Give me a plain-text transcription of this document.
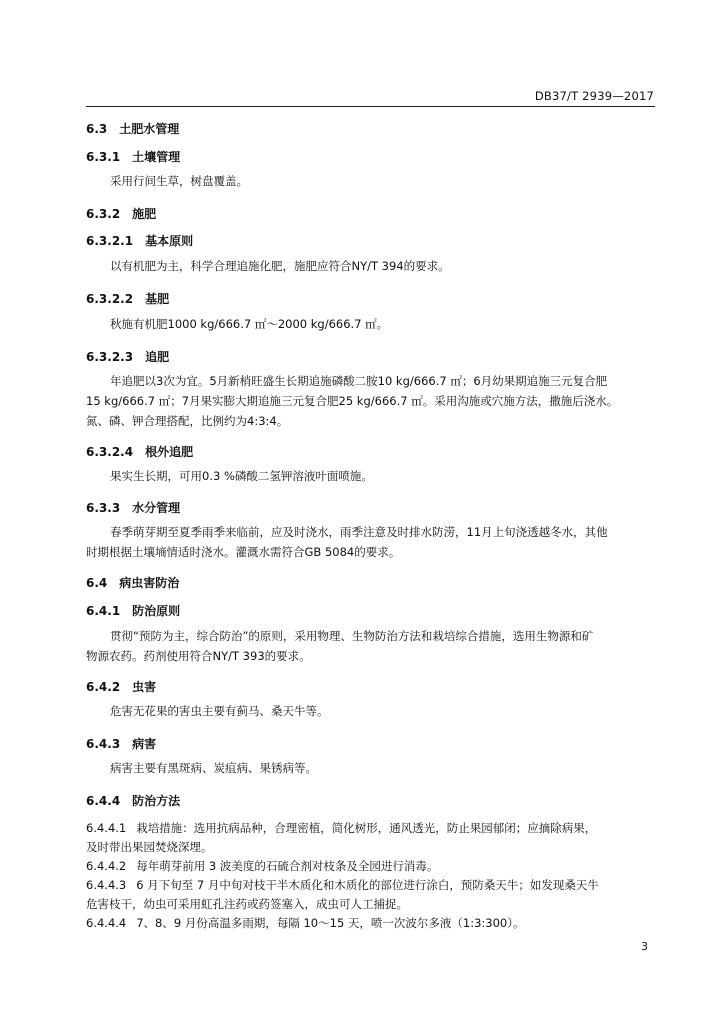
DB37/T 2939—2017
6.3 土肥水管理
6.3.1 土壤管理
采用行间生草，树盘覆盖。
6.3.2 施肥
6.3.2.1 基本原则
以有机肥为主，科学合理追施化肥，施肥应符合NY/T 394的要求。
6.3.2.2 基肥
秋施有机肥1000 kg/666.7 ㎡～2000 kg/666.7 ㎡。
6.3.2.3 追肥
年追肥以3次为宜。5月新梢旺盛生长期追施磷酸二胺10 kg/666.7 ㎡；6月幼果期追施三元复合肥
15 kg/666.7 ㎡；7月果实膨大期追施三元复合肥25 kg/666.7 ㎡。采用沟施或穴施方法，撒施后浇水。
氮、磷、钾合理搭配，比例约为4:3:4。
6.3.2.4 根外追肥
果实生长期，可用0.3 %磷酸二氢钾溶液叶面喷施。
6.3.3 水分管理
春季萌芽期至夏季雨季来临前，应及时浇水，雨季注意及时排水防涝，11月上旬浇透越冬水，其他
时期根据土壤墒情适时浇水。灌溉水需符合GB 5084的要求。
6.4 病虫害防治
6.4.1 防治原则
贯彻“预防为主，综合防治”的原则，采用物理、生物防治方法和栽培综合措施，选用生物源和矿
物源农药。药剂使用符合NY/T 393的要求。
6.4.2 虫害
危害无花果的害虫主要有蓟马、桑天牛等。
6.4.3 病害
病害主要有黑斑病、炭疽病、果锈病等。
6.4.4 防治方法
6.4.4.1 栽培措施：选用抗病品种，合理密植，简化树形，通风透光，防止果园郁闭；应摘除病果，
及时带出果园焚烧深埋。
6.4.4.2 每年萌芽前用 3 波美度的石硫合剂对枝条及全园进行消毒。
6.4.4.3 6 月下旬至 7 月中旬对枝干半木质化和木质化的部位进行涂白，预防桑天牛；如发现桑天牛
危害枝干，幼虫可采用虹孔注药或药签塞入，成虫可人工捕捉。
6.4.4.4 7、8、9 月份高温多雨期，每隔 10～15 天，喷一次波尔多液（1:3:300）。
3
